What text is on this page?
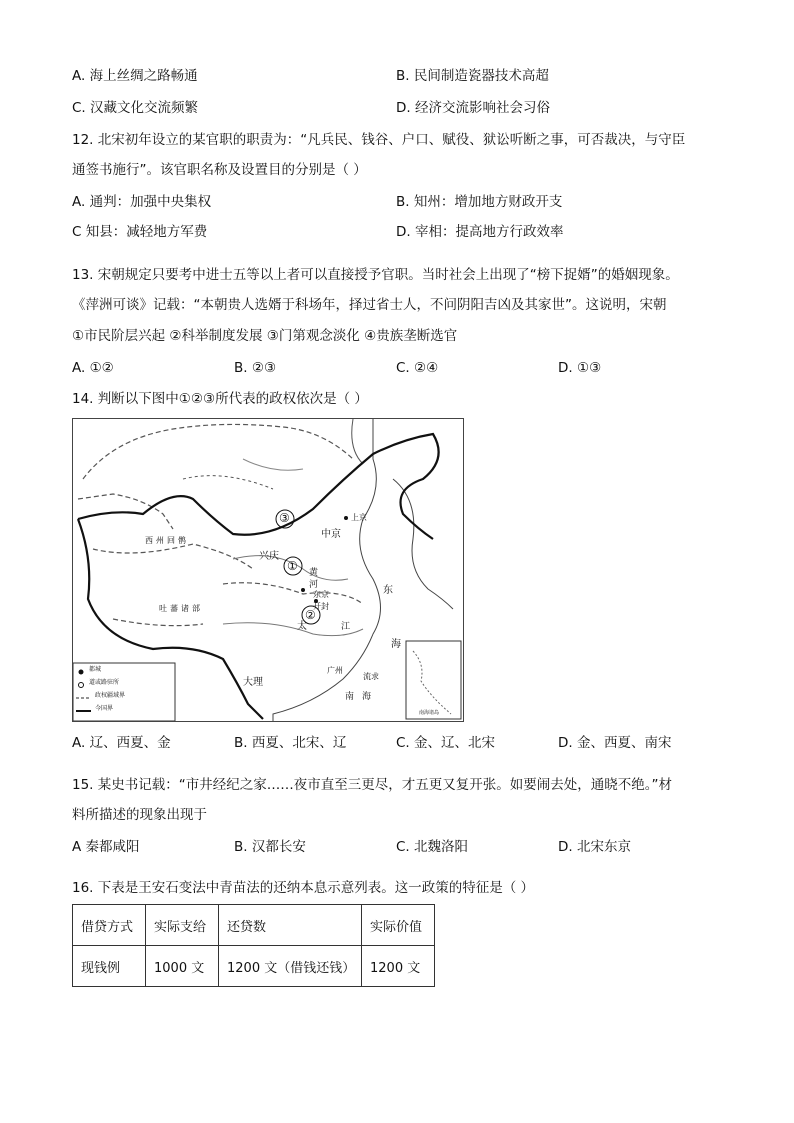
A. 海上丝绸之路畅通	B. 民间制造瓷器技术高超
C. 汉藏文化交流频繁	D. 经济交流影响社会习俗
12. 北宋初年设立的某官职的职责为：“凡兵民、钱谷、户口、赋役、狱讼听断之事，可否裁决，与守臣
通签书施行”。该官职名称及设置目的分别是（ ）
A. 通判：加强中央集权	B. 知州：增加地方财政开支
C 知县：减轻地方军费	D. 宰相：提高地方行政效率
13. 宋朝规定只要考中进士五等以上者可以直接授予官职。当时社会上出现了“榜下捉婿”的婚姻现象。
《萍洲可谈》记载：“本朝贵人选婿于科场年，择过省士人，不问阴阳吉凶及其家世”。这说明，宋朝
①市民阶层兴起 ②科举制度发展 ③门第观念淡化 ④贵族垄断选官
A. ①②	B. ②③	C. ②④	D. ①③
14. 判断以下图中①②③所代表的政权依次是（ ）
③
①
②
上京
中京
兴庆
西州回鹘
吐蕃诸部
大理
东京
开封
广州
南海
东
海
太	江
河
黄
流求
南海诸岛
都城
道或路驻所
政权疆域界
今国界
A. 辽、西夏、金	B. 西夏、北宋、辽	C. 金、辽、北宋	D. 金、西夏、南宋
15. 某史书记载：“市井经纪之家……夜市直至三更尽，才五更又复开张。如要闹去处，通晓不绝。”材
料所描述的现象出现于
A 秦都咸阳	B. 汉都长安	C. 北魏洛阳	D. 北宋东京
16. 下表是王安石变法中青苗法的还纳本息示意列表。这一政策的特征是（ ）
借贷方式	实际支给	还贷数	实际价值
现钱例	1000 文	1200 文（借钱还钱）	1200 文
